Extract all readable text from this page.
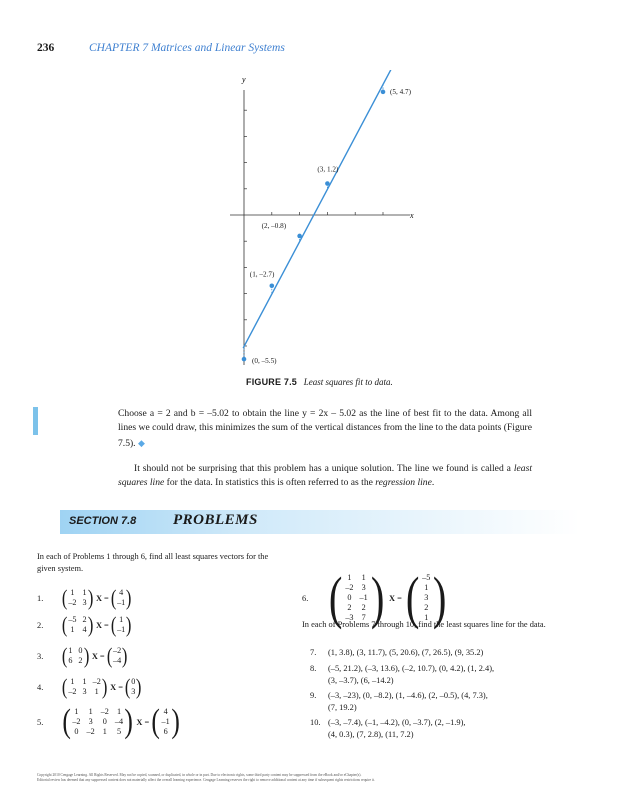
236	CHAPTER 7 Matrices and Linear Systems
x
y
(0, –5.5)
(1, –2.7)
(2, –0.8)
(3, 1.2)
(5, 4.7)
FIGURE 7.5 Least squares fit to data.
Choose a = 2 and b = –5.02 to obtain the line y = 2x – 5.02 as the line of best fit to the data. Among all lines we could draw, this minimizes the sum of the vertical distances from the line to the data points (Figure 7.5). ◆
It should not be surprising that this problem has a unique solution. The line we found is called a least squares line for the data. In statistics this is often referred to as the regression line.
SECTION 7.8 PROBLEMS
In each of Problems 1 through 6, find all least squares vectors for the given system.
1. ( 1 1
–2 3 ) X = ( 4
–1 )
2. ( –5 2
1 4 ) X = ( 1
–1 )
3. ( 1 0
6 2 ) X = ( –2
–4 )
4. ( 1 1 –2
–2 3 1 ) X = ( 0
3 )
5. ( 1 1 –2 1
–2 3 0 –4
0 –2 1 5 ) X = ( 4
–1
6 )
6. ( 1 1
–2 3
0 –1
2 2
–3 7 ) X = ( –5
1
3
2
1 )
In each of Problems 7 through 10, find the least squares line for the data.
7. (1, 3.8), (3, 11.7), (5, 20.6), (7, 26.5), (9, 35.2)
8. (–5, 21.2), (–3, 13.6), (–2, 10.7), (0, 4.2), (1, 2.4),
(3, –3.7), (6, –14.2)
9. (–3, –23), (0, –8.2), (1, –4.6), (2, –0.5), (4, 7.3),
(7, 19.2)
10. (–3, –7.4), (–1, –4.2), (0, –3.7), (2, –1.9),
(4, 0.3), (7, 2.8), (11, 7.2)
Copyright 2010 Cengage Learning. All Rights Reserved. May not be copied, scanned, or duplicated, in whole or in part. Due to electronic rights, some third party content may be suppressed from the eBook and/or eChapter(s).
Editorial review has deemed that any suppressed content does not materially affect the overall learning experience. Cengage Learning reserves the right to remove additional content at any time if subsequent rights restrictions require it.
